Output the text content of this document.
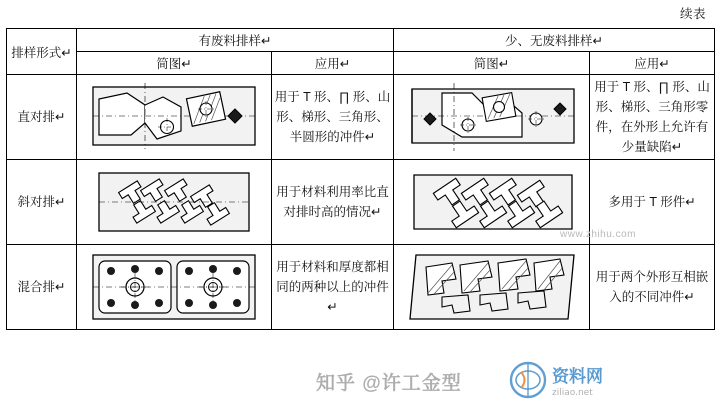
续表
排样形式↵	有废料排样↵		少、无废料排样↵	
	简图↵	应用↵	简图↵	应用↵
直对排↵		用于 T 形、∏ 形、山形、梯形、三角形、半圆形的冲件↵		用于 T 形、∏ 形、山形、梯形、三角形零件，在外形上允许有少量缺陷↵
斜对排↵		用于材料利用率比直对排时高的情况↵		多用于 T 形件↵
混合排↵		用于材料和厚度都相同的两种以上的冲件↵		用于两个外形互相嵌入的不同冲件↵
知乎 @许工金型
www.zhihu.com
资料网
ziliao.net
